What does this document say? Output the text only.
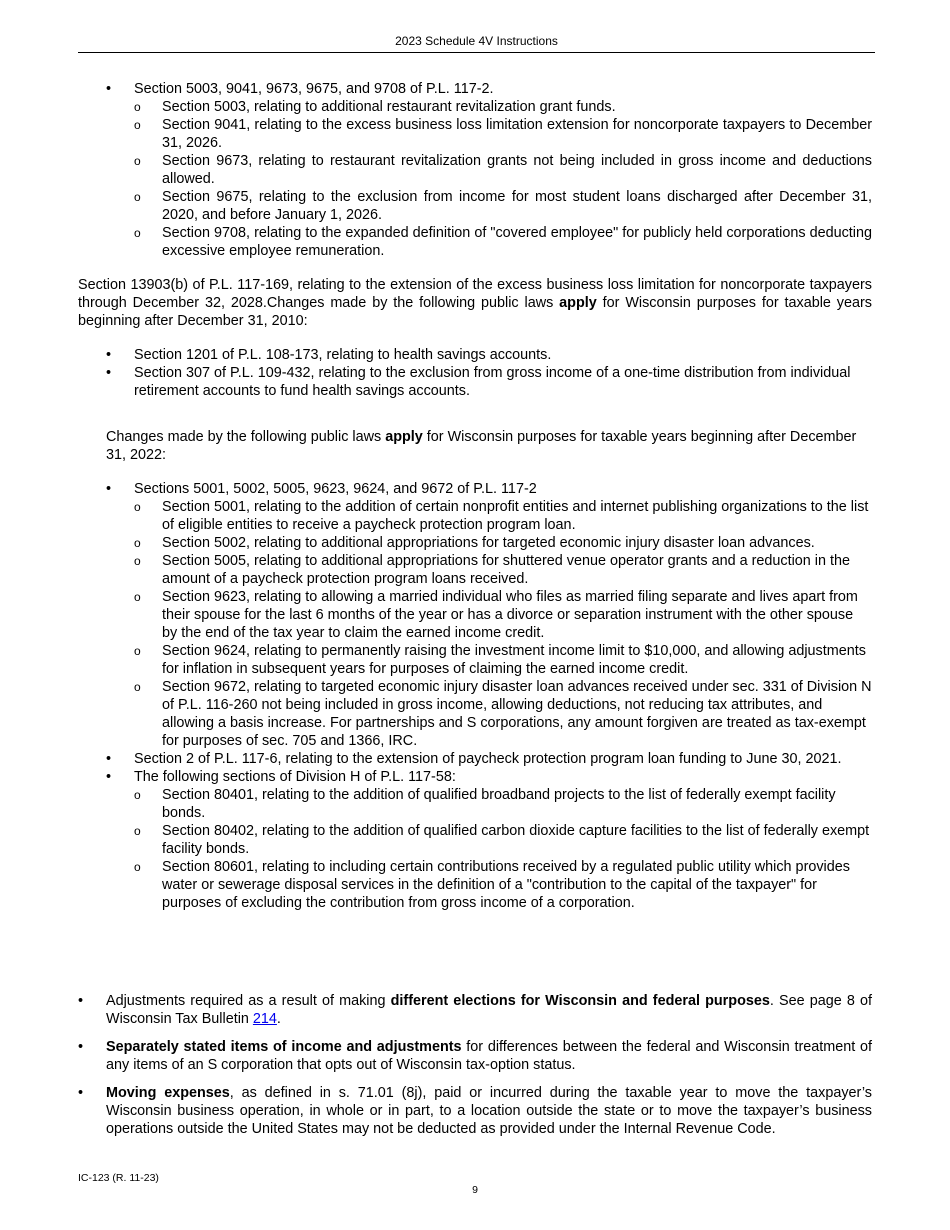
2023 Schedule 4V Instructions
• Section 5003, 9041, 9673, 9675, and 9708 of P.L. 117-2.
o Section 5003, relating to additional restaurant revitalization grant funds.
o Section 9041, relating to the excess business loss limitation extension for noncorporate taxpayers to December 31, 2026.
o Section 9673, relating to restaurant revitalization grants not being included in gross income and deductions allowed.
o Section 9675, relating to the exclusion from income for most student loans discharged after December 31, 2020, and before January 1, 2026.
o Section 9708, relating to the expanded definition of "covered employee" for publicly held corporations deducting excessive employee remuneration.

Section 13903(b) of P.L. 117-169, relating to the extension of the excess business loss limitation for noncorporate taxpayers through December 32, 2028.Changes made by the following public laws apply for Wisconsin purposes for taxable years beginning after December 31, 2010:

• Section 1201 of P.L. 108-173, relating to health savings accounts.
• Section 307 of P.L. 109-432, relating to the exclusion from gross income of a one-time distribution from individual retirement accounts to fund health savings accounts.

Changes made by the following public laws apply for Wisconsin purposes for taxable years beginning after December 31, 2022:

• Sections 5001, 5002, 5005, 9623, 9624, and 9672 of P.L. 117-2
o Section 5001, relating to the addition of certain nonprofit entities and internet publishing organizations to the list of eligible entities to receive a paycheck protection program loan.
o Section 5002, relating to additional appropriations for targeted economic injury disaster loan advances.
o Section 5005, relating to additional appropriations for shuttered venue operator grants and a reduction in the amount of a paycheck protection program loans received.
o Section 9623, relating to allowing a married individual who files as married filing separate and lives apart from their spouse for the last 6 months of the year or has a divorce or separation instrument with the other spouse by the end of the tax year to claim the earned income credit.
o Section 9624, relating to permanently raising the investment income limit to $10,000, and allowing adjustments for inflation in subsequent years for purposes of claiming the earned income credit.
o Section 9672, relating to targeted economic injury disaster loan advances received under sec. 331 of Division N of P.L. 116-260 not being included in gross income, allowing deductions, not reducing tax attributes, and allowing a basis increase. For partnerships and S corporations, any amount forgiven are treated as tax-exempt for purposes of sec. 705 and 1366, IRC.
• Section 2 of P.L. 117-6, relating to the extension of paycheck protection program loan funding to June 30, 2021.
• The following sections of Division H of P.L. 117-58:
o Section 80401, relating to the addition of qualified broadband projects to the list of federally exempt facility bonds.
o Section 80402, relating to the addition of qualified carbon dioxide capture facilities to the list of federally exempt facility bonds.
o Section 80601, relating to including certain contributions received by a regulated public utility which provides water or sewerage disposal services in the definition of a "contribution to the capital of the taxpayer" for purposes of excluding the contribution from gross income of a corporation.
• Adjustments required as a result of making different elections for Wisconsin and federal purposes. See page 8 of Wisconsin Tax Bulletin 214.
• Separately stated items of income and adjustments for differences between the federal and Wisconsin treatment of any items of an S corporation that opts out of Wisconsin tax-option status.
• Moving expenses, as defined in s. 71.01 (8j), paid or incurred during the taxable year to move the taxpayer’s Wisconsin business operation, in whole or in part, to a location outside the state or to move the taxpayer’s business operations outside the United States may not be deducted as provided under the Internal Revenue Code.
IC-123 (R. 11-23)
9
